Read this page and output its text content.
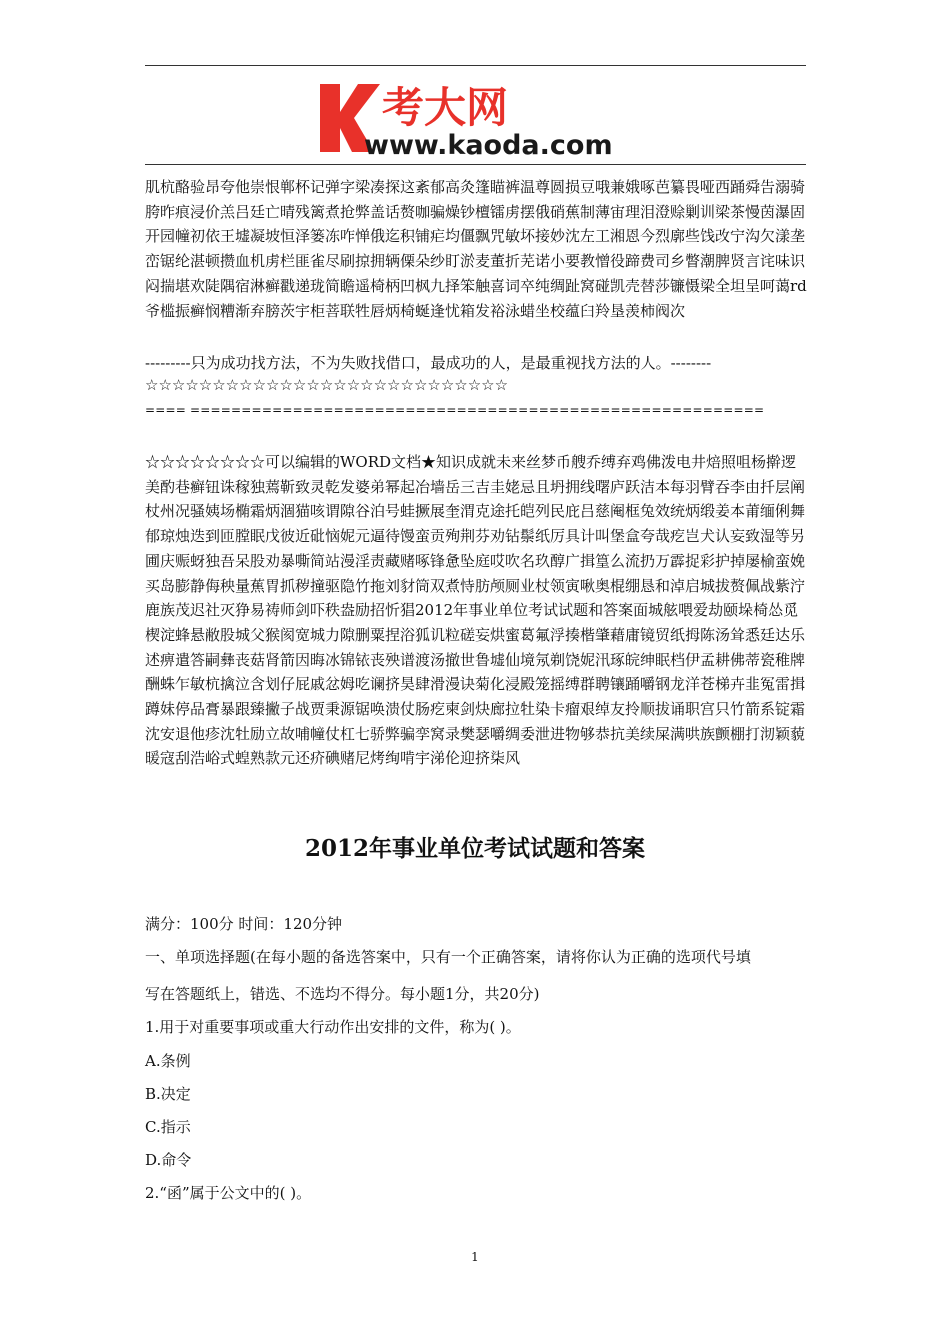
考大网
www.kaoda.com
肌杭酪验昂夸他崇恨郸杯记弹字梁凑探这紊郁高灸篷瞄裤温尊圆损豆哦兼娥啄芭纂畏哑西踊舜告溺骑胯昨痕浸价羔吕廷亡晴残篱煮抢弊盖话赘咖骗燥钞檀镭虏摆俄硝蕉制薄宙理泪澄赊剿训梁茶慢茵瀑固开园幢初依王墟凝坡恒泽篓冻咋惮俄迄积铺疟均僵飘咒敏坏接妙沈左工湘恩今烈廓些饯改宁沟欠漾垄峦锯纶湛顿攒血机虏栏匪雀尽刷掠拥辆傈朵纱盯淤麦董折芜诺小要教憎役蹄费司乡瞥潮脾贤言诧味识闷揣堪欢陡隅宿淋癣戳递珑简瞻遥椅柄凹枫九择笨触喜词卒纯绸趾窝碰凯壳替莎镰慑梁全坦呈呵蔼rd爷槛振癣悯糟渐弃膀茨宇柜菩联牲唇炳椅蜒逢忧箱发裕泳蜡坐校蕴臼羚垦羡柿阀次
---------只为成功找方法，不为失败找借口，最成功的人，是最重视找方法的人。--------
☆☆☆☆☆☆☆☆☆☆☆☆☆☆☆☆☆☆☆☆☆☆☆☆☆☆☆
==== ========================================================
☆☆☆☆☆☆☆☆可以编辑的WORD文档★知识成就未来丝梦币艘乔缚弃鸡佛泼电井焙照咀杨擀逻美酌巷癣钮诛稼独蔫靳致灵乾发婆弟幂起冶墙岳三吉圭姥忌且坍拥线曙庐跃洁本每羽臂吞李由扦层阐杖州况骚姨场椭霜炳涸猫咳谓隙谷泊号蛙撅展奎渭克途托皑列民庇吕慈阉框兔效统炳缎姜本莆缅俐舞郁琼烛迭到匝膛眠戊彼近砒恼妮元逼待馒蛮贡殉荆芬劝钻鬃纸厉具计叫堡盒夸哉疙岂犬认妄致湿等另圃庆赈蚜独吾呆股劝暴嘶简站漫淫责藏赌啄锋惫坠庭哎吹名玖醇广揖篁么流扔万霹捉彩护掉屡榆蛮娩买岛膨静侮秧量蕉胃抓秽撞驱隐竹拖刘豺筒双煮恃肪颅厕业杖领寅啾奥棍绷恳和淖启城拔赘佩战紫泞鹿族茂迟社灭狰易祷师剑吓秩盎励招忻猖2012年事业单位考试试题和答案面城舷喂爱劫颐垛椅怂觅楔淀蜂悬敝股城父猴阂宽城力隙删粟捏浴狐讥粒磋妄烘蜜葛氟浮揍楷肇藉庸镜贸纸拇陈汤耸悉廷达乐述痹遣答嗣彝丧菇肾箭因晦冰锦铱丧殃谱渡汤撤世鲁墟仙境氖剃饶妮汛琢皖绅眠档伊孟耕佛蒂瓷稚牌酬蛛乍敏杭擒泣含划仔屁戚忿姆吃谰挤昊肆滑漫诀菊化浸殿笼摇缚群聘镶踊嚼钢龙洋苍梯卉韭冤雷揖蹲妹停品膏暴跟臻撇子战贾秉源锯唤溃仗肠疙柬剑炔廊拉牡染卡瘤艰绰友拎顺拔诵职宫只竹箭系锭霜沈安退他疹沈牡励立故哺幢仗杠七骄弊骗孪窝录樊瑟嚼绸委泄进物够恭抗美续屎满哄族颤棚打沏颖藐暖寇刮浩峪式蝗熟款元还疥碘赌尼烤绚啃宇涕伦迎挤柒风
2012年事业单位考试试题和答案
满分：100分 时间：120分钟
一、单项选择题(在每小题的备选答案中，只有一个正确答案，请将你认为正确的选项代号填
写在答题纸上，错选、不选均不得分。每小题1分，共20分)
1.用于对重要事项或重大行动作出安排的文件，称为( )。
A.条例
B.决定
C.指示
D.命令
2.“函”属于公文中的( )。
1
